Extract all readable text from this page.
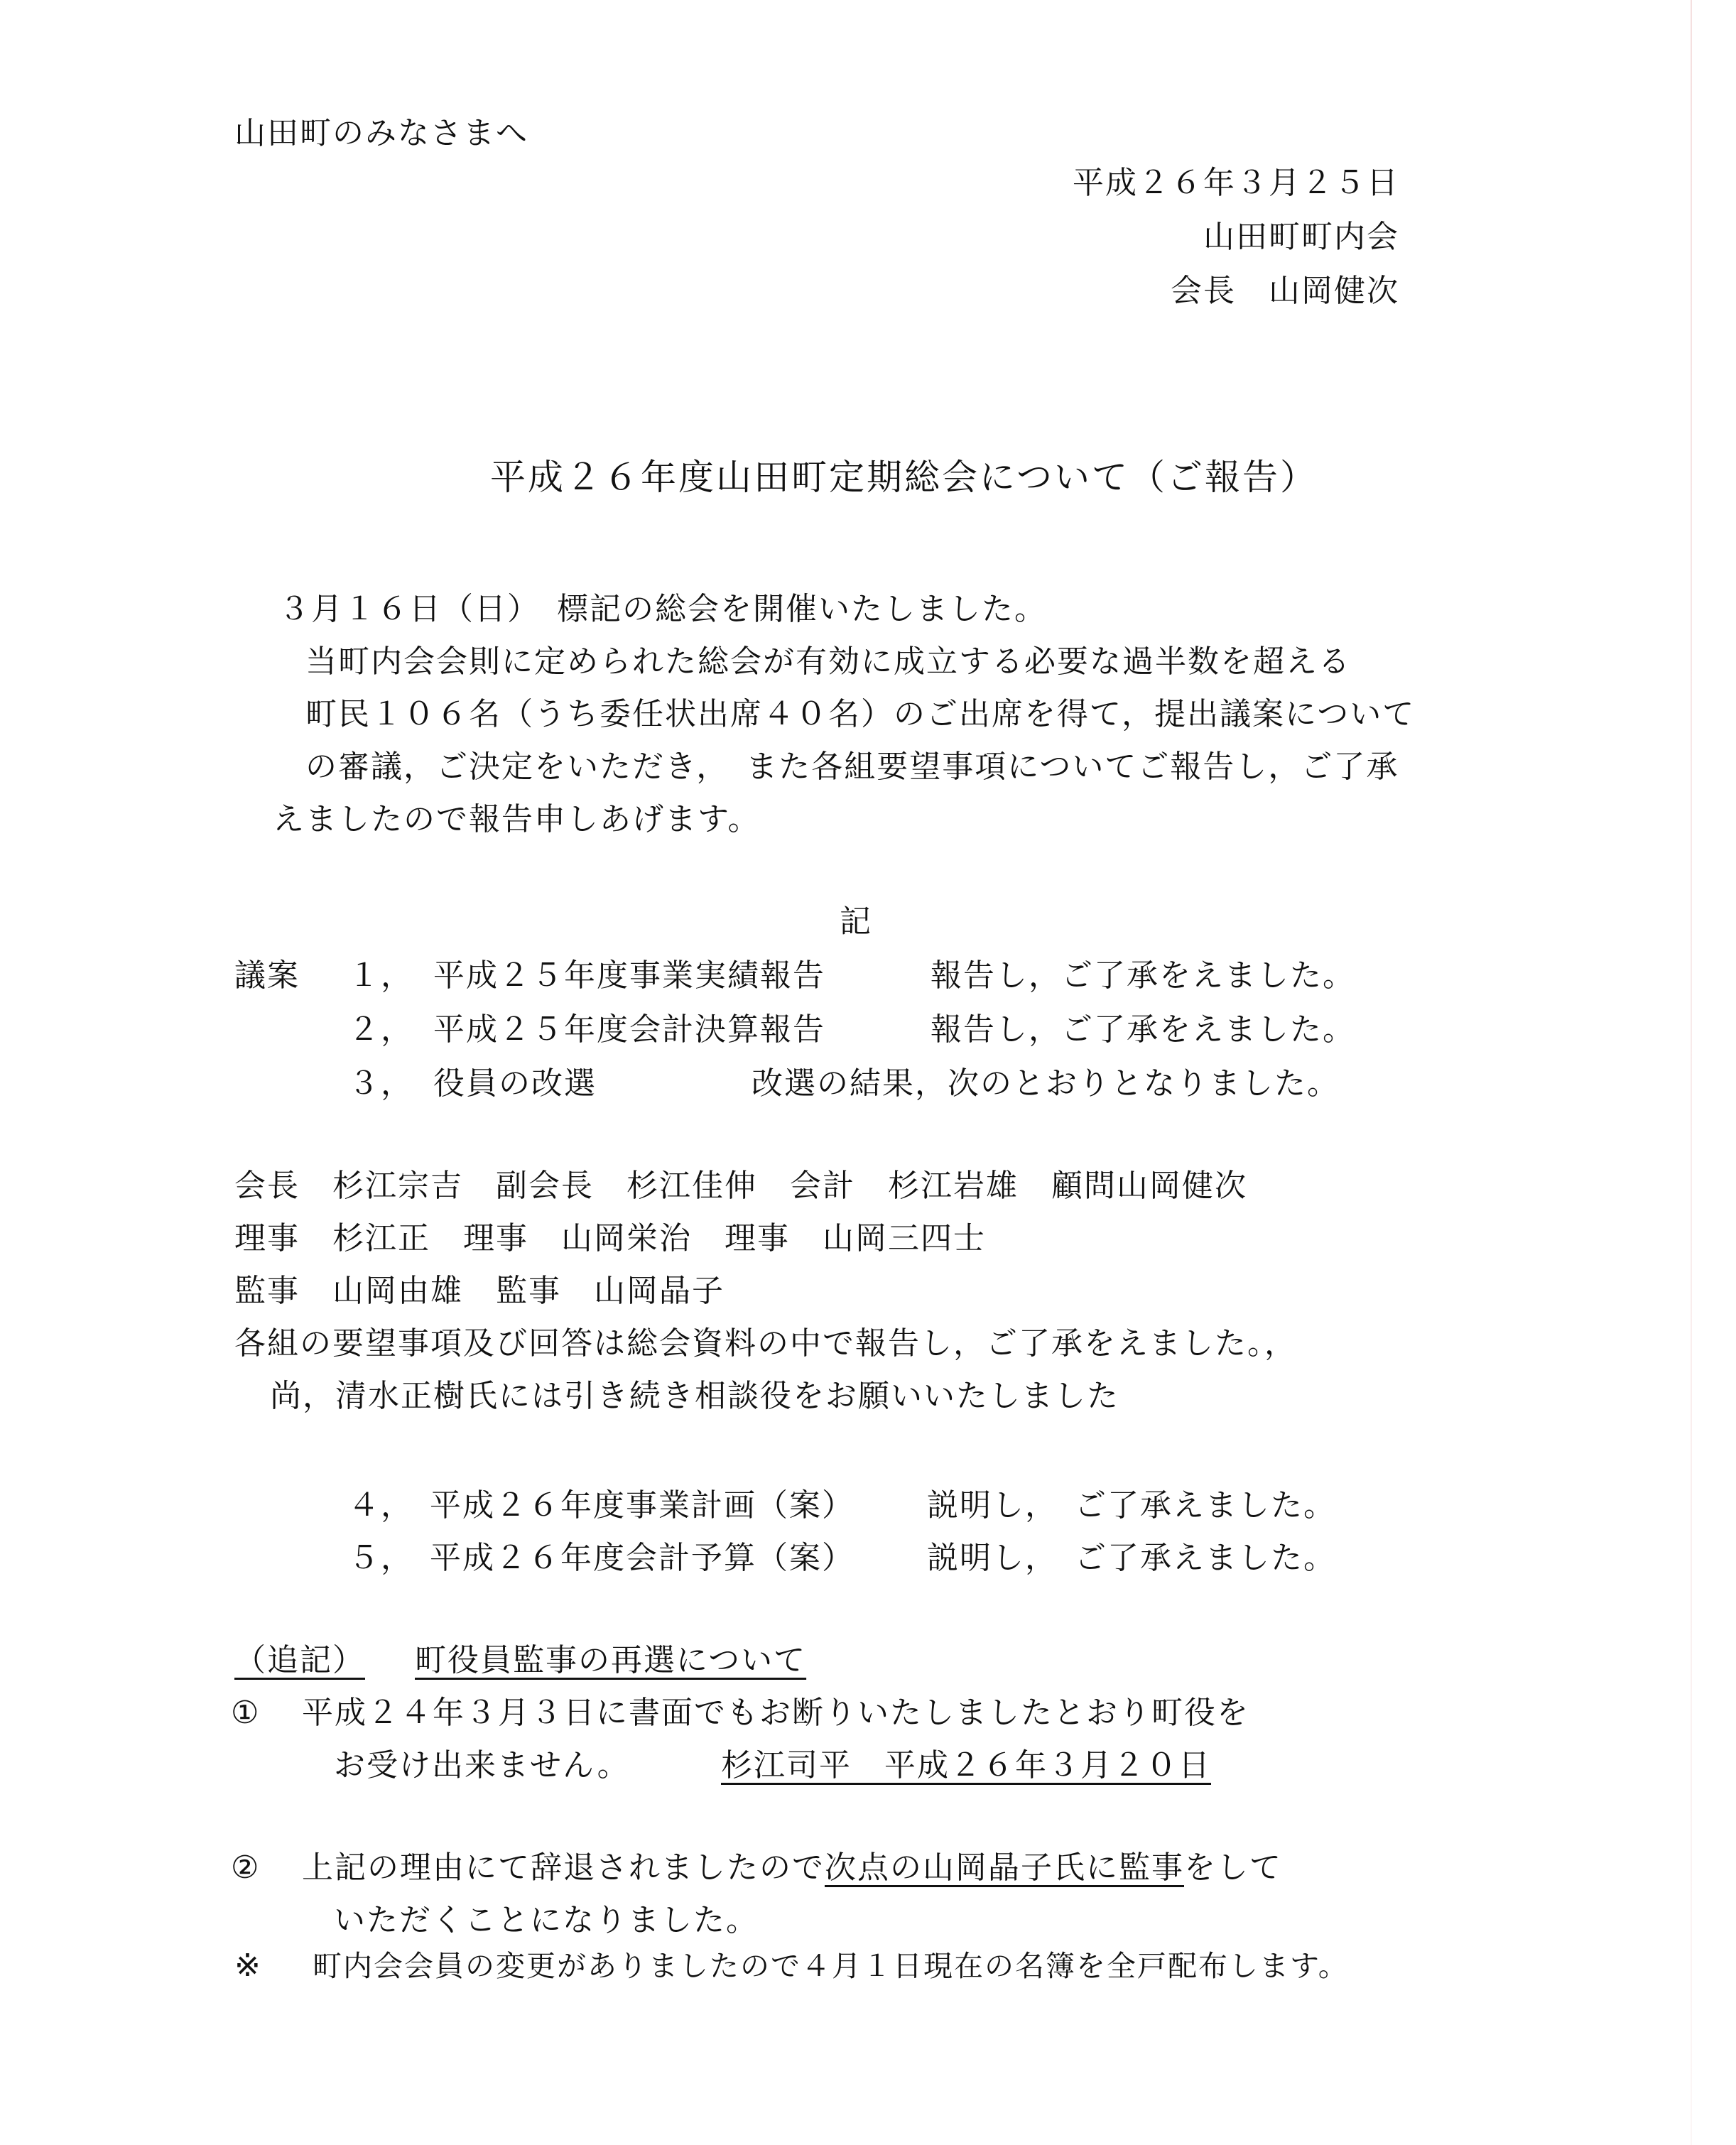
山田町のみなさまへ
平成２６年３月２５日
山田町町内会
会長　山岡健次
平成２６年度山田町定期総会について（ご報告）
３月１６日（日）　標記の総会を開催いたしました。
当町内会会則に定められた総会が有効に成立する必要な過半数を超える
町民１０６名（うち委任状出席４０名）のご出席を得て，提出議案について
の審議，ご決定をいただき，　また各組要望事項についてご報告し，ご了承
えましたので報告申しあげます。
記
議案 １， 平成２５年度事業実績報告	報告し，ご了承をえました。
２， 平成２５年度会計決算報告	報告し，ご了承をえました。
３， 役員の改選	改選の結果，次のとおりとなりました。
会長　杉江宗吉　副会長　杉江佳伸　会計　杉江岩雄　顧問山岡健次
理事　杉江正　理事　山岡栄治　理事　山岡三四士
監事　山岡由雄　監事　山岡晶子
各組の要望事項及び回答は総会資料の中で報告し，ご了承をえました。，
尚，清水正樹氏には引き続き相談役をお願いいたしました
４， 平成２６年度事業計画（案） 説明し，　ご了承えました。
５， 平成２６年度会計予算（案） 説明し，　ご了承えました。
（追記） 町役員監事の再選について
① 平成２４年３月３日に書面でもお断りいたしましたとおり町役を
お受け出来ません。	杉江司平　平成２６年３月２０日
② 上記の理由にて辞退されましたので次点の山岡晶子氏に監事をして
いただくことになりました。
※ 町内会会員の変更がありましたので４月１日現在の名簿を全戸配布します。
